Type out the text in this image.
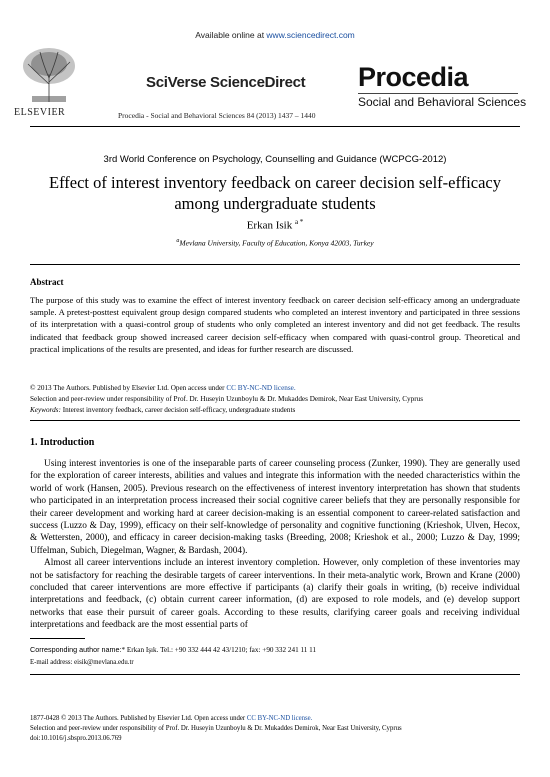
Available online at www.sciencedirect.com
ELSEVIER
SciVerse ScienceDirect
Procedia - Social and Behavioral Sciences 84 (2013) 1437 – 1440
Procedia
Social and Behavioral Sciences
3rd World Conference on Psychology, Counselling and Guidance (WCPCG-2012)
Effect of interest inventory feedback on career decision self-efficacy
among undergraduate students
Erkan Isik $^{a *}$
$^a$Mevlana University, Faculty of Education, Konya 42003, Turkey
Abstract
The purpose of this study was to examine the effect of interest inventory feedback on career decision self-efficacy among an undergraduate sample. A pretest-posttest equivalent group design compared students who completed an interest inventory and participated in three sessions of its interpretation with a quasi-control group of students who only completed an interest inventory and did not get feedback. The results indicated that feedback group showed increased career decision self-efficacy when compared with quasi-control group. Theoretical and practical implications of the results are presented, and ideas for further research are discussed.
© 2013 The Authors. Published by Elsevier Ltd. Open access under CC BY-NC-ND license.
Selection and peer-review under responsibility of Prof. Dr. Huseyin Uzunboylu & Dr. Mukaddes Demirok, Near East University, Cyprus
Keywords: Interest inventory feedback, career decision self-efficacy, undergraduate students
1. Introduction

Using interest inventories is one of the inseparable parts of career counseling process (Zunker, 1990). They are generally used for the exploration of career interests, abilities and values and integrate this information with the needed characteristics within the world of work (Hansen, 2005). Previous research on the effectiveness of interest inventory interpretation has shown that students who participated in an interpretation process increased their social cognitive career beliefs that they are personally responsible for their career development and working hard at career decision-making is an essential component to career-related satisfaction and success (Luzzo & Day, 1999), efficacy on their self-knowledge of personality and cognitive functioning (Krieshok, Ulven, Hecox, & Wettersten, 2000), and efficacy in career decision-making tasks (Breeding, 2008; Krieshok et al., 2000; Luzzo & Day, 1999; Uffelman, Subich, Diegelman, Wagner, & Bardash, 2004).

Almost all career interventions include an interest inventory completion. However, only completion of these inventories may not be satisfactory for reaching the desirable targets of career interventions. In their meta-analytic work, Brown and Krane (2000) concluded that career interventions are more effective if participants (a) clarify their goals in writing, (b) receive individual interpretations and feedback, (c) obtain current career information, (d) are exposed to role models, and (e) develop support networks that ease their pursuit of career goals. According to these results, clarifying career goals and receiving individual interpretations and feedback are the most essential parts of

Corresponding author name:* Erkan Işık. Tel.: +90 332 444 42 43/1210; fax: +90 332 241 11 11
E-mail address: eisik@mevlana.edu.tr
1877-0428 © 2013 The Authors. Published by Elsevier Ltd. Open access under CC BY-NC-ND license.
Selection and peer-review under responsibility of Prof. Dr. Huseyin Uzunboylu & Dr. Mukaddes Demirok, Near East University, Cyprus
doi:10.1016/j.sbspro.2013.06.769
